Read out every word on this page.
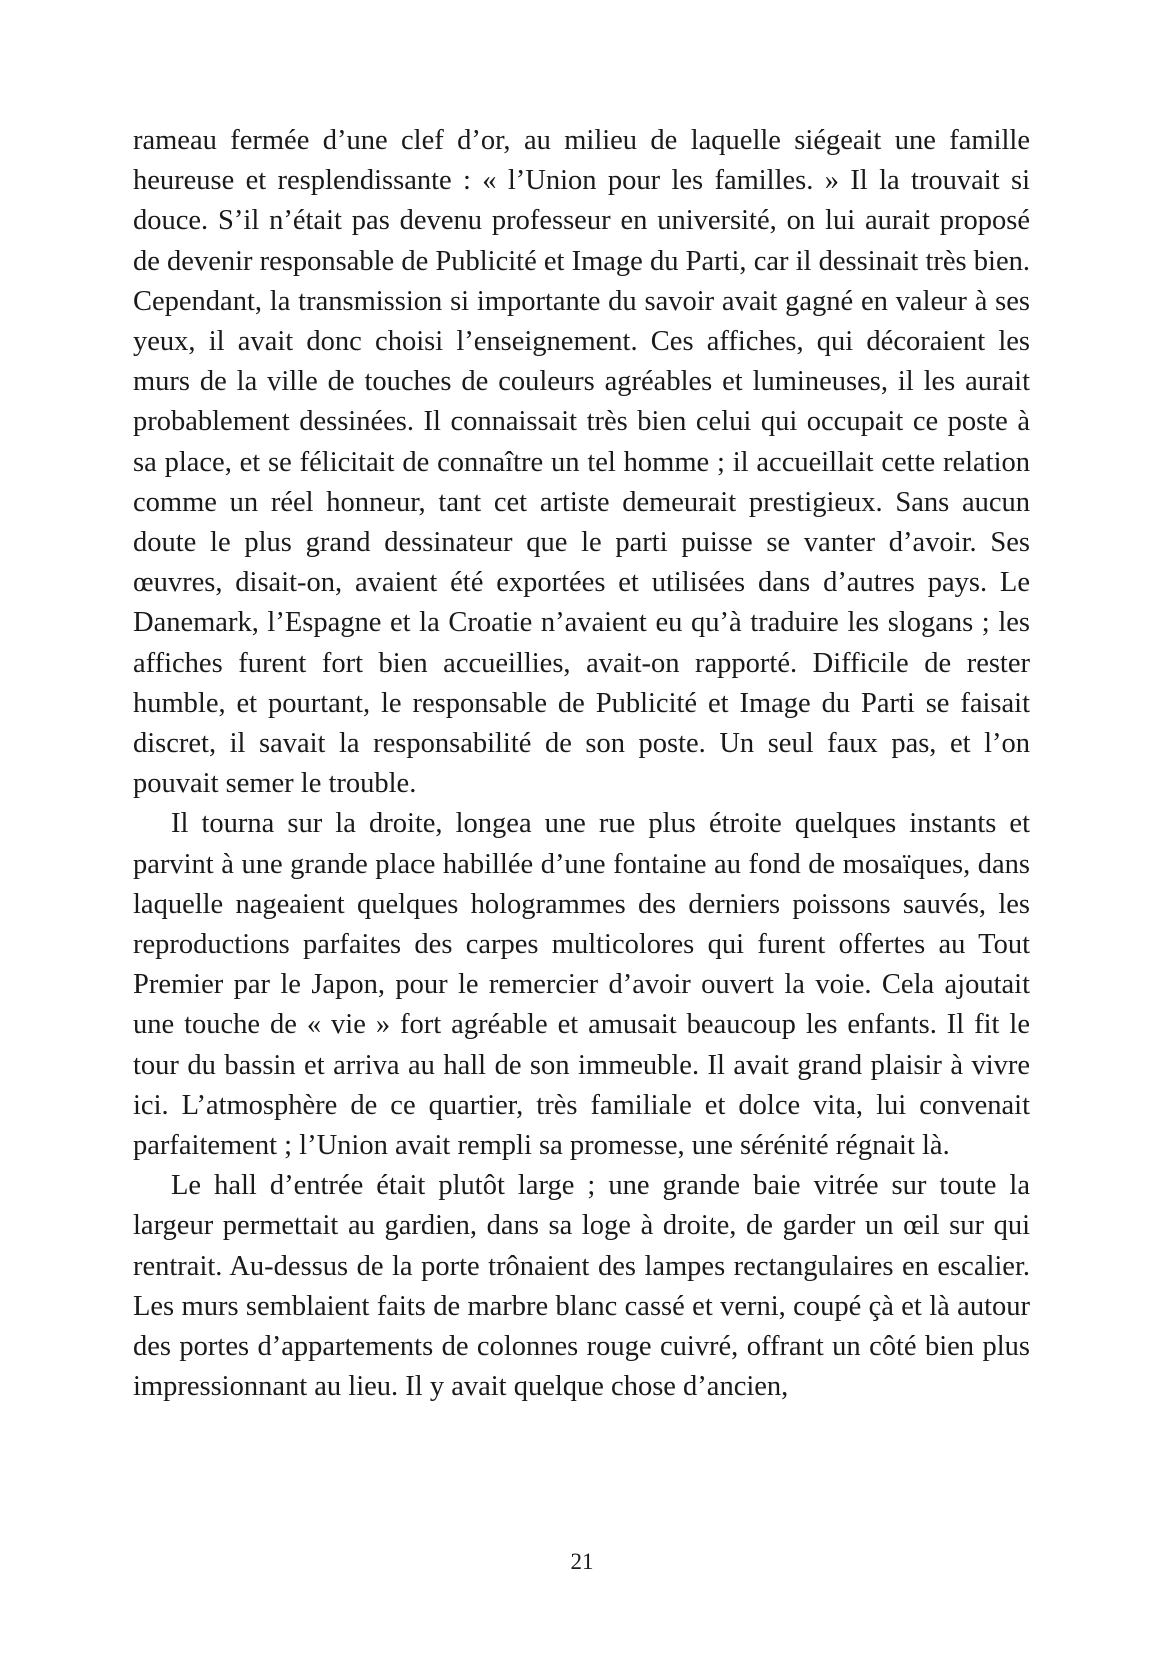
rameau fermée d’une clef d’or, au milieu de laquelle siégeait une famille heureuse et resplendissante : « l’Union pour les familles. » Il la trouvait si douce. S’il n’était pas devenu professeur en université, on lui aurait proposé de devenir responsable de Publicité et Image du Parti, car il dessinait très bien. Cependant, la transmission si importante du savoir avait gagné en valeur à ses yeux, il avait donc choisi l’enseignement. Ces affiches, qui décoraient les murs de la ville de touches de couleurs agréables et lumineuses, il les aurait probablement dessinées. Il connaissait très bien celui qui occupait ce poste à sa place, et se félicitait de connaître un tel homme ; il accueillait cette relation comme un réel honneur, tant cet artiste demeurait prestigieux. Sans aucun doute le plus grand dessinateur que le parti puisse se vanter d’avoir. Ses œuvres, disait-on, avaient été exportées et utilisées dans d’autres pays. Le Danemark, l’Espagne et la Croatie n’avaient eu qu’à traduire les slogans ; les affiches furent fort bien accueillies, avait-on rapporté. Difficile de rester humble, et pourtant, le responsable de Publicité et Image du Parti se faisait discret, il savait la responsabilité de son poste. Un seul faux pas, et l’on pouvait semer le trouble.

Il tourna sur la droite, longea une rue plus étroite quelques instants et parvint à une grande place habillée d’une fontaine au fond de mosaïques, dans laquelle nageaient quelques hologrammes des derniers poissons sauvés, les reproductions parfaites des carpes multicolores qui furent offertes au Tout Premier par le Japon, pour le remercier d’avoir ouvert la voie. Cela ajoutait une touche de « vie » fort agréable et amusait beaucoup les enfants. Il fit le tour du bassin et arriva au hall de son immeuble. Il avait grand plaisir à vivre ici. L’atmosphère de ce quartier, très familiale et dolce vita, lui convenait parfaitement ; l’Union avait rempli sa promesse, une sérénité régnait là.

Le hall d’entrée était plutôt large ; une grande baie vitrée sur toute la largeur permettait au gardien, dans sa loge à droite, de garder un œil sur qui rentrait. Au-dessus de la porte trônaient des lampes rectangulaires en escalier. Les murs semblaient faits de marbre blanc cassé et verni, coupé çà et là autour des portes d’appartements de colonnes rouge cuivré, offrant un côté bien plus impressionnant au lieu. Il y avait quelque chose d’ancien,

21
